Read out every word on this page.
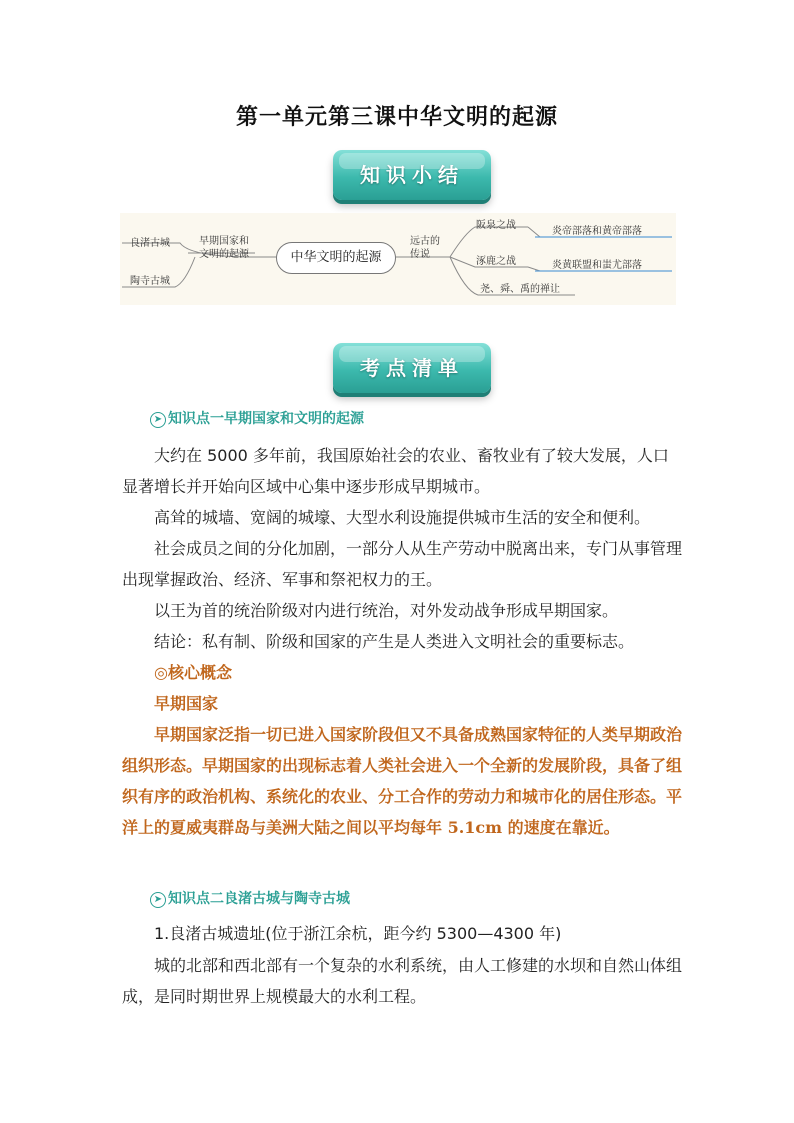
第一单元第三课中华文明的起源
知识小结
中华文明的起源
早期国家和
文明的起源
良渚古城
陶寺古城
远古的
传说
阪泉之战
涿鹿之战
尧、舜、禹的禅让
炎帝部落和黄帝部落
炎黄联盟和蚩尤部落
考点清单
➤ 知识点一早期国家和文明的起源
大约在 5000 多年前，我国原始社会的农业、畜牧业有了较大发展，人口显著增长并开始向区域中心集中逐步形成早期城市。
高耸的城墙、宽阔的城壕、大型水利设施提供城市生活的安全和便利。
社会成员之间的分化加剧，一部分人从生产劳动中脱离出来，专门从事管理出现掌握政治、经济、军事和祭祀权力的王。
以王为首的统治阶级对内进行统治，对外发动战争形成早期国家。
结论：私有制、阶级和国家的产生是人类进入文明社会的重要标志。
◎核心概念
早期国家
早期国家泛指一切已进入国家阶段但又不具备成熟国家特征的人类早期政治组织形态。早期国家的出现标志着人类社会进入一个全新的发展阶段，具备了组织有序的政治机构、系统化的农业、分工合作的劳动力和城市化的居住形态。平洋上的夏威夷群岛与美洲大陆之间以平均每年 5.1cm 的速度在靠近。
➤ 知识点二良渚古城与陶寺古城
1.良渚古城遗址(位于浙江余杭，距今约 5300—4300 年)
城的北部和西北部有一个复杂的水利系统，由人工修建的水坝和自然山体组成，是同时期世界上规模最大的水利工程。
